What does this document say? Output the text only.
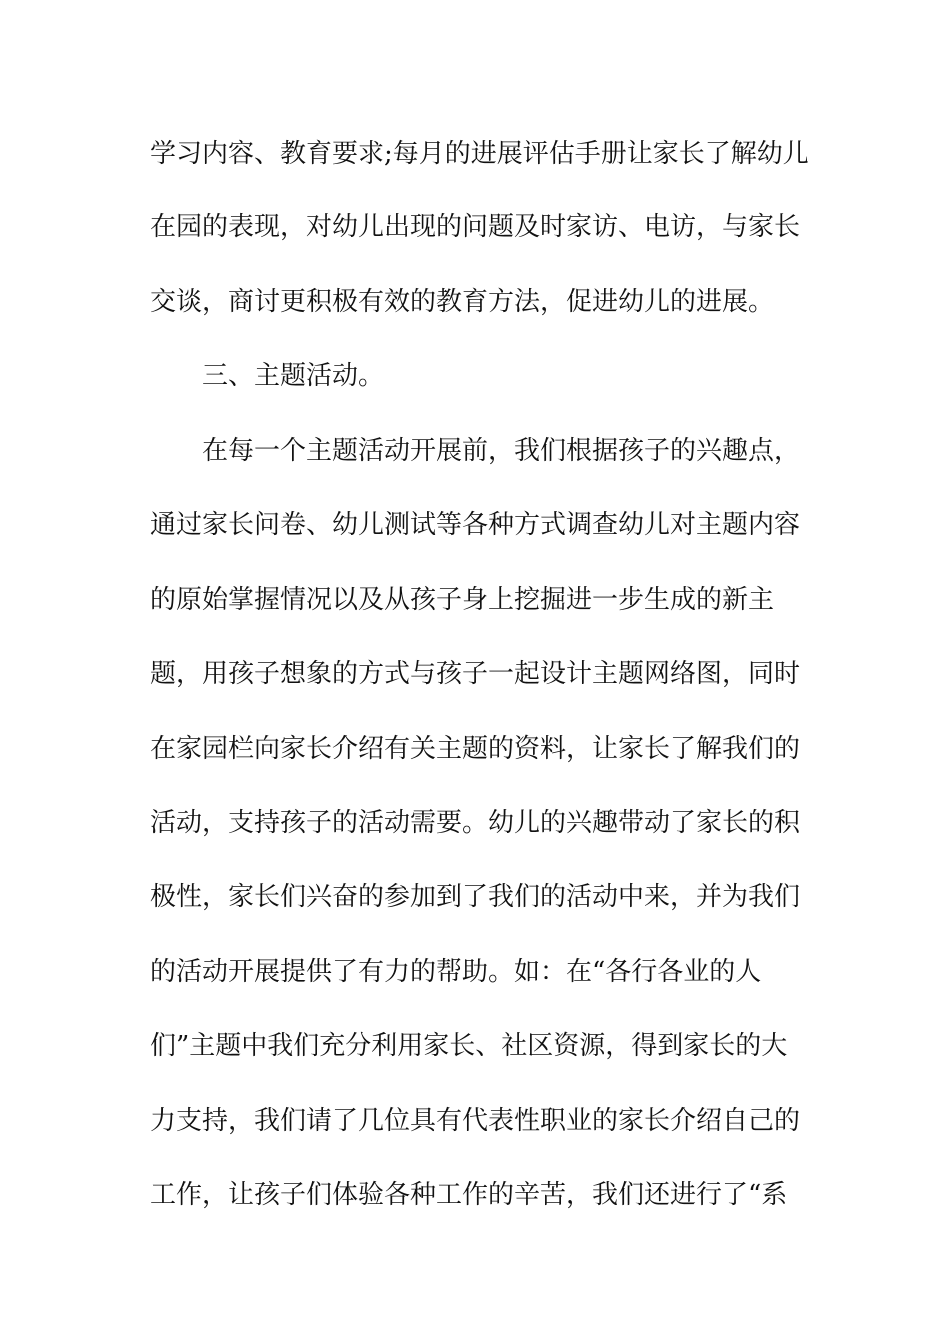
学习内容、教育要求;每月的进展评估手册让家长了解幼儿
在园的表现，对幼儿出现的问题及时家访、电访，与家长
交谈，商讨更积极有效的教育方法，促进幼儿的进展。
三、主题活动。
在每一个主题活动开展前，我们根据孩子的兴趣点，
通过家长问卷、幼儿测试等各种方式调查幼儿对主题内容
的原始掌握情况以及从孩子身上挖掘进一步生成的新主
题，用孩子想象的方式与孩子一起设计主题网络图，同时
在家园栏向家长介绍有关主题的资料，让家长了解我们的
活动，支持孩子的活动需要。幼儿的兴趣带动了家长的积
极性，家长们兴奋的参加到了我们的活动中来，并为我们
的活动开展提供了有力的帮助。如：在“各行各业的人
们”主题中我们充分利用家长、社区资源，得到家长的大
力支持，我们请了几位具有代表性职业的家长介绍自己的
工作，让孩子们体验各种工作的辛苦，我们还进行了“系
